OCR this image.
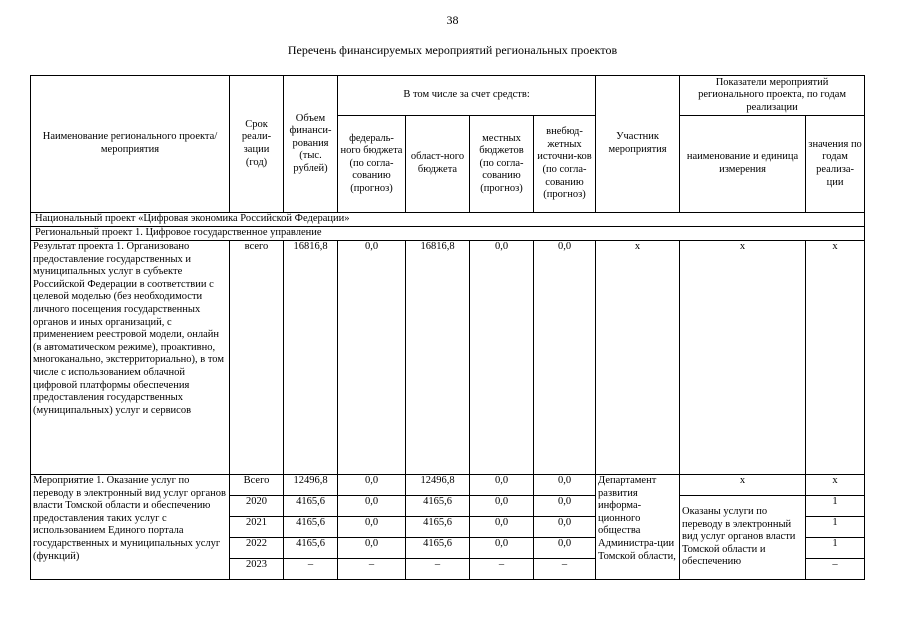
38
Перечень финансируемых мероприятий региональных проектов
Наименование регионального проекта/ мероприятия	Срок реали-зации (год)	Объем финанси-рования (тыс. рублей)	В том числе за счет средств:				Участник мероприятия	Показатели мероприятий регионального проекта, по годам реализации	
			федераль-ного бюджета (по согла-сованию (прогноз)	област-ного бюджета	местных бюджетов (по согла-сованию (прогноз)	внебюд-жетных источни-ков (по согла-сованию (прогноз)		наименование и единица измерения	значения по годам реализа-ции
Национальный проект «Цифровая экономика Российской Федерации»									
Региональный проект 1. Цифровое государственное управление									
Результат проекта 1. Организовано предоставление государственных и муниципальных услуг в субъекте Российской Федерации в соответствии с целевой моделью (без необходимости личного посещения государственных органов и иных организаций, с применением реестровой модели, онлайн (в автоматическом режиме), проактивно, многоканально, экстерриториально), в том числе с использованием облачной цифровой платформы обеспечения предоставления государственных (муниципальных) услуг и сервисов	всего	16816,8	0,0	16816,8	0,0	0,0	х	х	х
Мероприятие 1. Оказание услуг по переводу в электронный вид услуг органов власти Томской области и обеспечению предоставления таких услуг с использованием Единого портала государственных и муниципальных услуг (функций)	Всего	12496,8	0,0	12496,8	0,0	0,0	Департамент развития информа-ционного общества Администра-ции Томской области,	х	х
	2020	4165,6	0,0	4165,6	0,0	0,0		Оказаны услуги по переводу в электронный вид услуг органов власти Томской области и обеспечению	1
	2021	4165,6	0,0	4165,6	0,0	0,0			1
	2022	4165,6	0,0	4165,6	0,0	0,0			1
	2023	–	–	–	–	–			–
